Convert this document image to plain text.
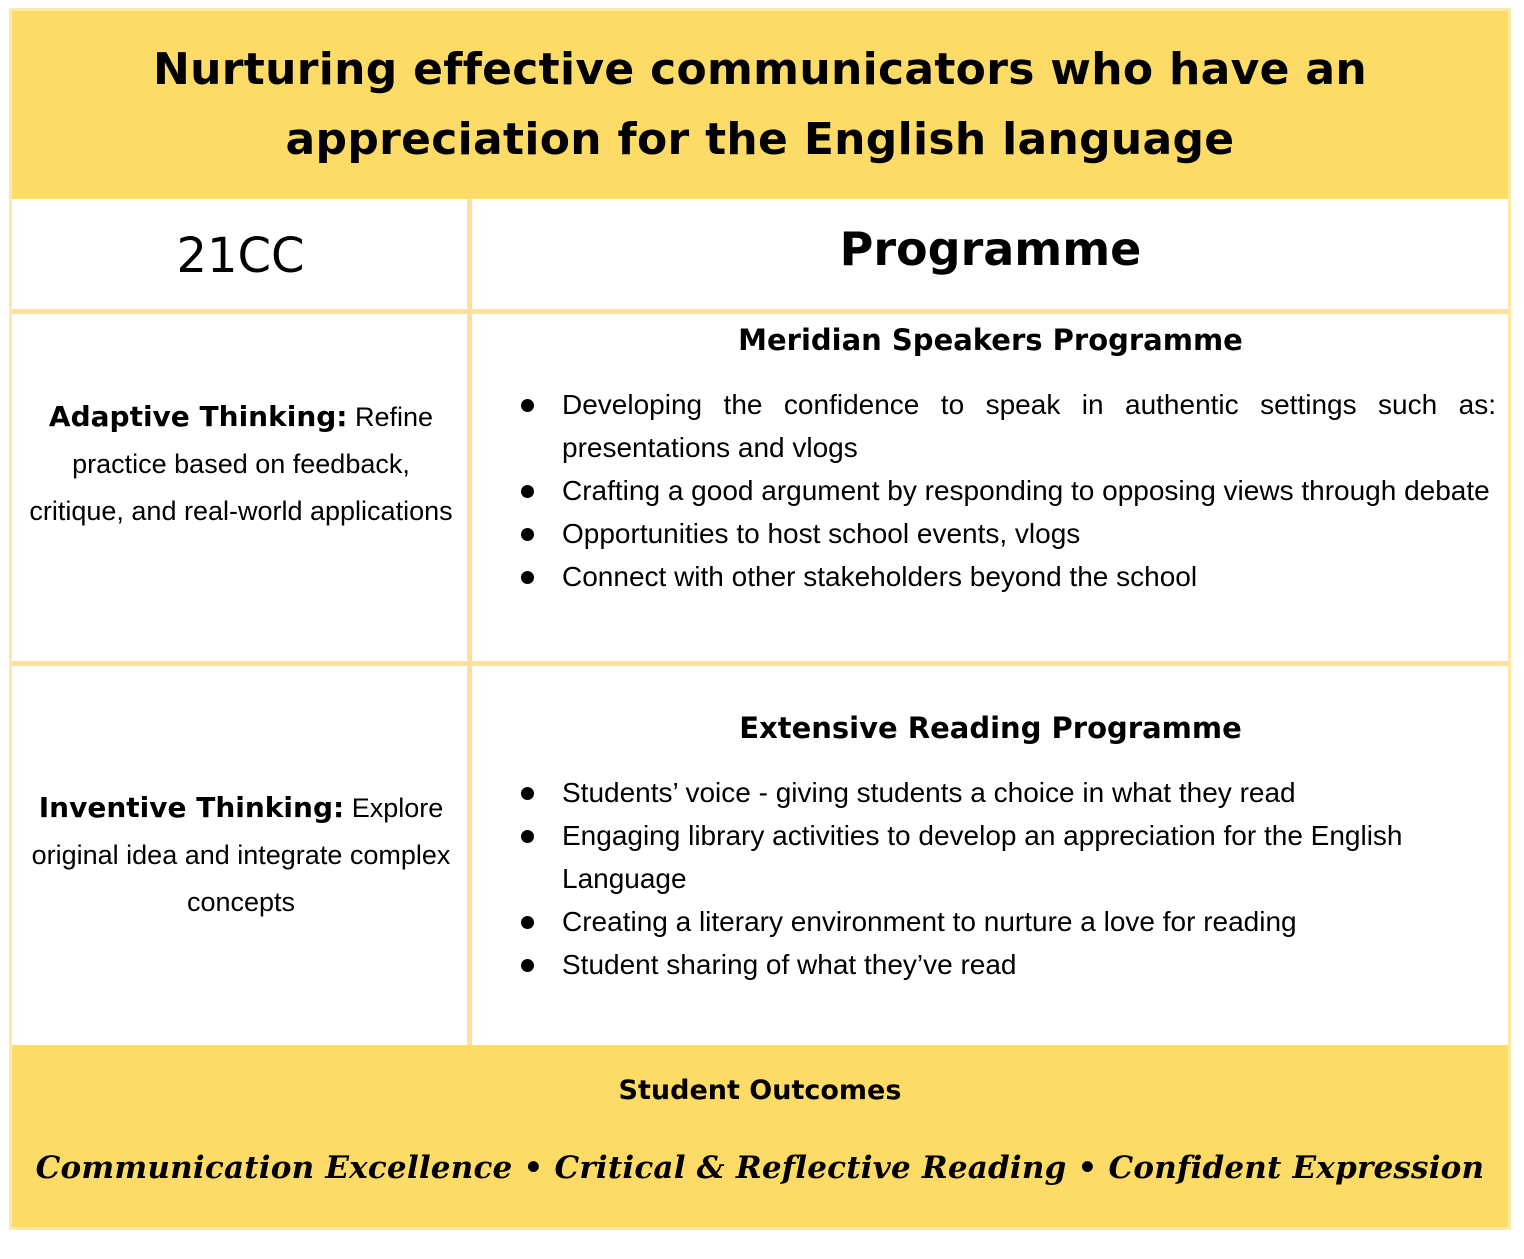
Nurturing effective communicators who have an
appreciation for the English language
21CC	Programme
Adaptive Thinking: Refine practice based on feedback, critique, and real-world applications
Meridian Speakers Programme
Developing the confidence to speak in authentic settings such as: presentations and vlogs
Crafting a good argument by responding to opposing views through debate
Opportunities to host school events, vlogs
Connect with other stakeholders beyond the school
Inventive Thinking: Explore original idea and integrate complex concepts
Extensive Reading Programme
Students’ voice - giving students a choice in what they read
Engaging library activities to develop an appreciation for the English Language
Creating a literary environment to nurture a love for reading
Student sharing of what they’ve read
Student Outcomes
Communication Excellence • Critical & Reflective Reading • Confident Expression
